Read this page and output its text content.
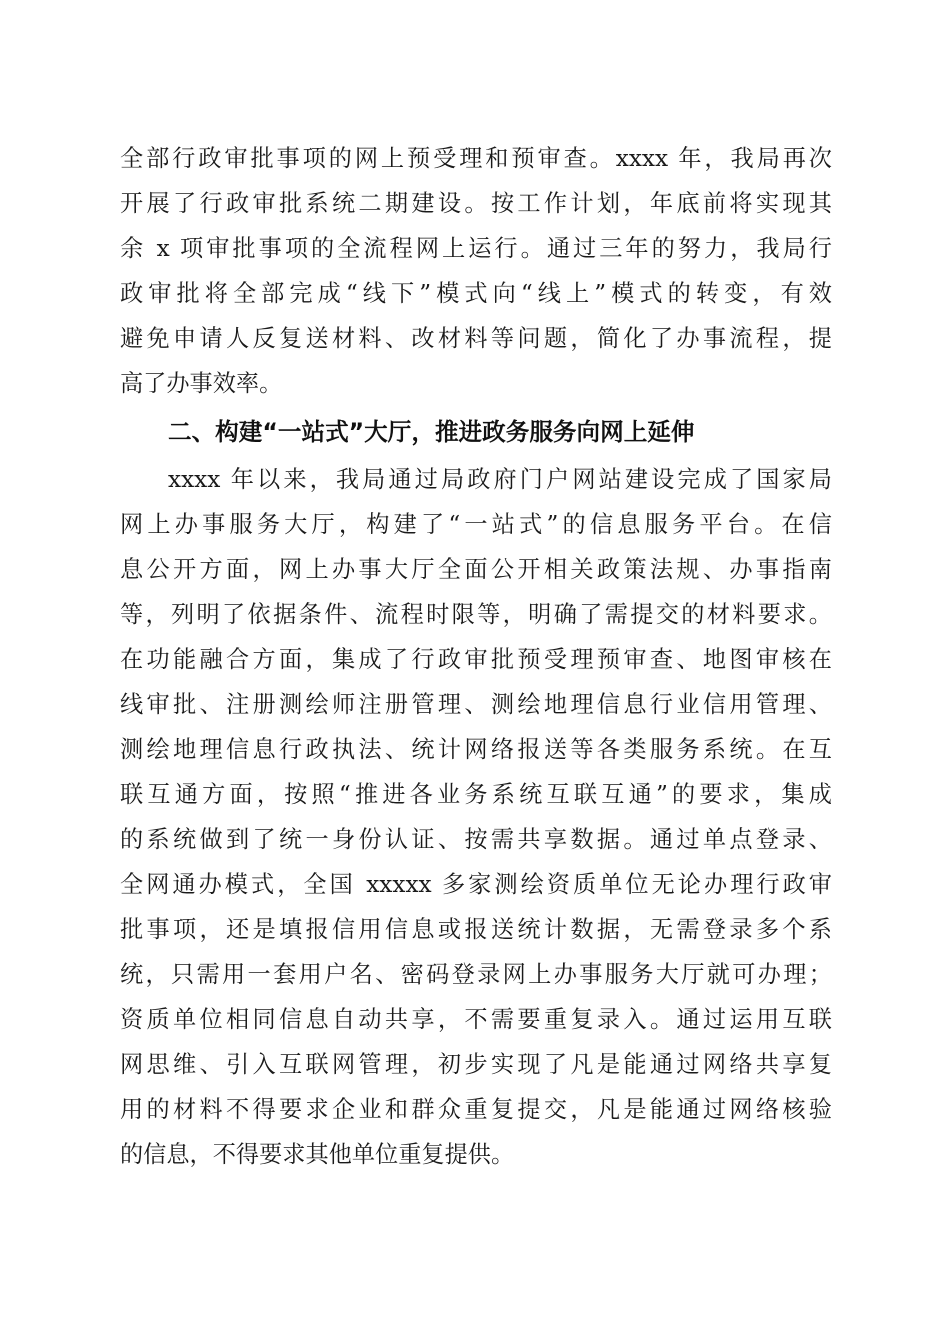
全部行政审批事项的网上预受理和预审查。xxxx 年，我局再次
开展了行政审批系统二期建设。按工作计划，年底前将实现其
余 x 项审批事项的全流程网上运行。通过三年的努力，我局行
政审批将全部完成“线下”模式向“线上”模式的转变，有效
避免申请人反复送材料、改材料等问题，简化了办事流程，提
高了办事效率。
二、构建“一站式”大厅，推进政务服务向网上延伸
xxxx 年以来，我局通过局政府门户网站建设完成了国家局
网上办事服务大厅，构建了“一站式”的信息服务平台。在信
息公开方面，网上办事大厅全面公开相关政策法规、办事指南
等，列明了依据条件、流程时限等，明确了需提交的材料要求。
在功能融合方面，集成了行政审批预受理预审查、地图审核在
线审批、注册测绘师注册管理、测绘地理信息行业信用管理、
测绘地理信息行政执法、统计网络报送等各类服务系统。在互
联互通方面，按照“推进各业务系统互联互通”的要求，集成
的系统做到了统一身份认证、按需共享数据。通过单点登录、
全网通办模式，全国 xxxxx 多家测绘资质单位无论办理行政审
批事项，还是填报信用信息或报送统计数据，无需登录多个系
统，只需用一套用户名、密码登录网上办事服务大厅就可办理；
资质单位相同信息自动共享，不需要重复录入。通过运用互联
网思维、引入互联网管理，初步实现了凡是能通过网络共享复
用的材料不得要求企业和群众重复提交，凡是能通过网络核验
的信息，不得要求其他单位重复提供。
